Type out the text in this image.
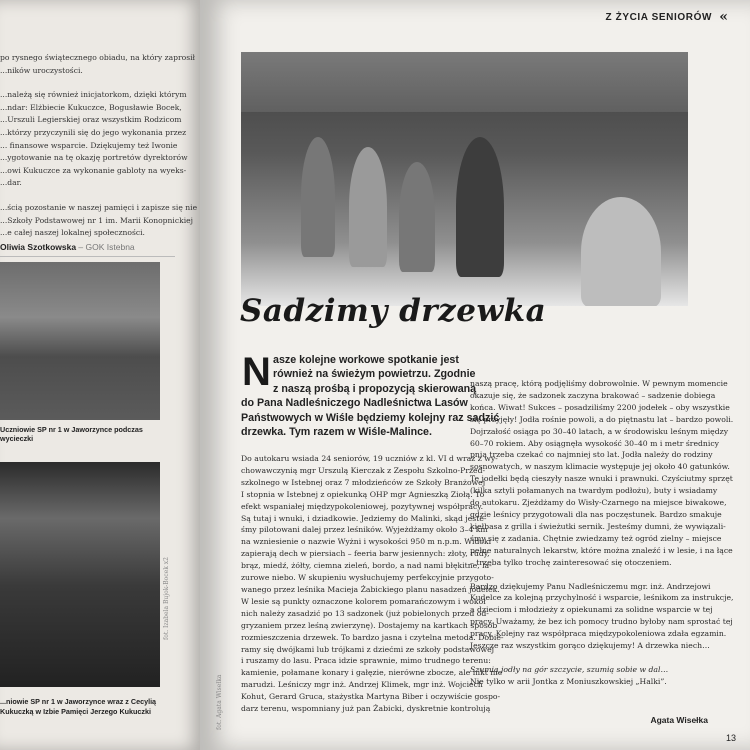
po rysnego świątecznego obiadu, na który zaprosił

...ników uroczystości.

...należą się również inicjatorkom, dzięki którym

...ndar: Elżbiecie Kukuczce, Bogusławie Bocek,

...Urszuli Legierskiej oraz wszystkim Rodzicom

...którzy przyczynili się do jego wykonania przez

... finansowe wsparcie. Dziękujemy też Iwonie

...ygotowanie na tę okazję portretów dyrektorów

...owi Kukuczce za wykonanie gabloty na wyeks-

...dar.

...ścią pozostanie w naszej pamięci i zapisze się nie

...Szkoły Podstawowej nr 1 im. Marii Konopnickiej

...e całej naszej lokalnej społeczności.

Oliwia Szotkowska – GOK Istebna
Uczniowie SP nr 1 w Jaworzynce podczas wycieczki
...niowie SP nr 1 w Jaworzynce wraz z Cecylią Kukuczką w Izbie Pamięci Jerzego Kukuczki
fot. Izabela Bujok-Bocek x2
Z ŻYCIA SENIORÓW «
Sadzimy drzewka
N asze kolejne workowe spotkanie jest

również na świeżym powietrzu. Zgodnie

z naszą prośbą i propozycją skierowaną

do Pana Nadleśniczego Nadleśnictwa Lasów

Państwowych w Wiśle będziemy kolejny raz sadzić

drzewka. Tym razem w Wiśle-Malince.

Do autokaru wsiada 24 seniorów, 19 uczniów z kl. VI d wraz z wy-

chowawczynią mgr Urszulą Kierczak z Zespołu Szkolno-Przed-

szkolnego w Istebnej oraz 7 młodzieńców ze Szkoły Branżowej

I stopnia w Istebnej z opiekunką OHP mgr Agnieszką Ziołą. To

efekt wspaniałej międzypokoleniowej, pozytywnej współpracy.

Są tutaj i wnuki, i dziadkowie. Jedziemy do Malinki, skąd jeste-

śmy pilotowani dalej przez leśników. Wyjeżdżamy około 3–4 km

na wzniesienie o nazwie Wyżni i wysokości 950 m n.p.m. Widoki

zapierają dech w piersiach – feeria barw jesiennych: złoty, rudy,

brąz, miedź, żółty, ciemna zieleń, bordo, a nad nami błękitne, la-

zurowe niebo. W skupieniu wysłuchujemy perfekcyjnie przygoto-

wanego przez leśnika Macieja Żabickiego planu nasadzeń jodełek.

W lesie są punkty oznaczone kolorem pomarańczowym i wokół

nich należy zasadzić po 13 sadzonek (już pobielonych przed od-

gryzaniem przez leśną zwierzynę). Dostajemy na kartkach sposób

rozmieszczenia drzewek. To bardzo jasna i czytelna metoda. Dobie-

ramy się dwójkami lub trójkami z dziećmi ze szkoły podstawowej

i ruszamy do lasu. Praca idzie sprawnie, mimo trudnego terenu:

kamienie, połamane konary i gałęzie, nierówne zbocze, ale nikt nie

marudzi. Leśniczy mgr inż. Andrzej Klimek, mgr inż. Wojciech

Kohut, Gerard Gruca, stażystka Martyna Biber i oczywiście gospo-

darz terenu, wspomniany już pan Żabicki, dyskretnie kontrolują

naszą pracę, którą podjęliśmy dobrowolnie. W pewnym momencie

okazuje się, że sadzonek zaczyna brakować – sadzenie dobiega

końca. Wiwat! Sukces – posadziliśmy 2200 jodełek – oby wszystkie

się przyjęły! Jodła rośnie powoli, a do piętnastu lat – bardzo powoli.

Dojrzałość osiąga po 30–40 latach, a w środowisku leśnym między

60–70 rokiem. Aby osiągnęła wysokość 30–40 m i metr średnicy

pnia trzeba czekać co najmniej sto lat. Jodła należy do rodziny

sosnowatych, w naszym klimacie występuje jej około 40 gatunków.

Te jodełki będą cieszyły nasze wnuki i prawnuki. Czyściutmy sprzęt

(kilka sztyli połamanych na twardym podłożu), buty i wsiadamy

do autokaru. Zjeżdżamy do Wisły-Czarnego na miejsce biwakowe,

gdzie leśnicy przygotowali dla nas poczęstunek. Bardzo smakuje

kiełbasa z grilla i świeżutki sernik. Jesteśmy dumni, że wywiązali-

śmy się z zadania. Chętnie zwiedzamy też ogród zielny – miejsce

pełne naturalnych lekarstw, które można znaleźć i w lesie, i na łące

– trzeba tylko trochę zainteresować się otoczeniem.

Bardzo dziękujemy Panu Nadleśniczemu mgr. inż. Andrzejowi

Kudelce za kolejną przychylność i wsparcie, leśnikom za instrukcje,

a dzieciom i młodzieży z opiekunami za solidne wsparcie w tej

pracy. Uważamy, że bez ich pomocy trudno byłoby nam sprostać tej

pracy. Kolejny raz współpraca międzypokoleniowa zdała egzamin.

Jeszcze raz wszystkim gorąco dziękujemy! A drzewka niech…

Szumią jodły na gór szczycie, szumią sobie w dal…

Nie tylko w arii Jontka z Moniuszkowskiej „Halki”.

Agata Wisełka
fot. Agata Wisełka
13
